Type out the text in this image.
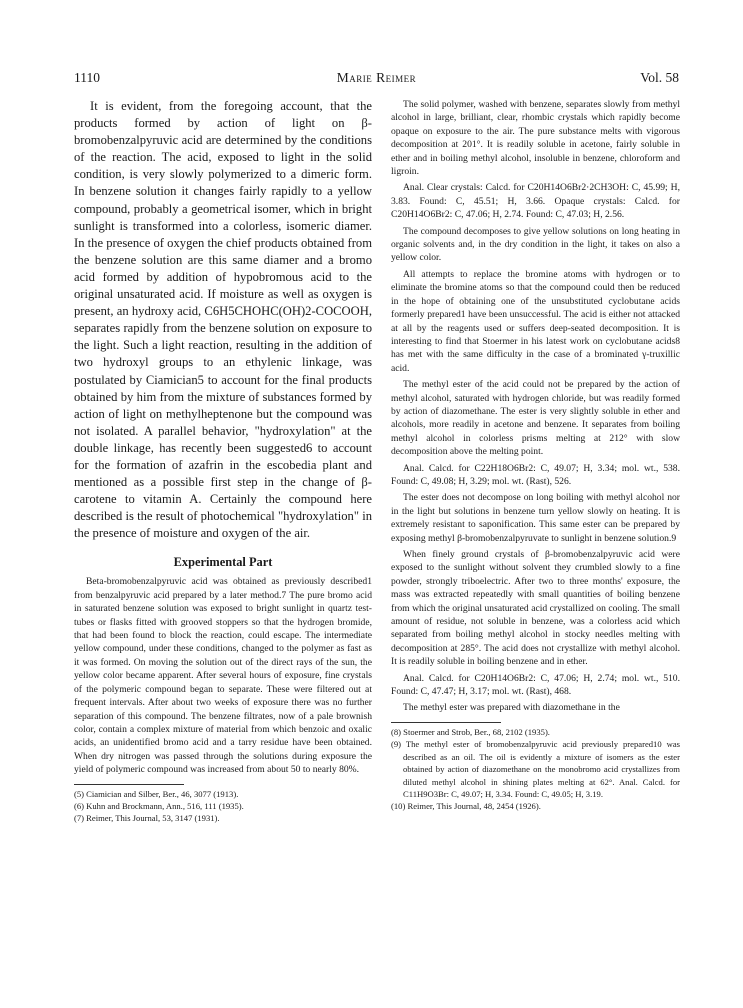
1110	Marie Reimer	Vol. 58

It is evident, from the foregoing account, that the products formed by action of light on β-bromobenzalpyruvic acid are determined by the conditions of the reaction. The acid, exposed to light in the solid condition, is very slowly polymerized to a dimeric form. In benzene solution it changes fairly rapidly to a yellow compound, probably a geometrical isomer, which in bright sunlight is transformed into a colorless, isomeric diamer. In the presence of oxygen the chief products obtained from the benzene solution are this same diamer and a bromo acid formed by addition of hypobromous acid to the original unsaturated acid. If moisture as well as oxygen is present, an hydroxy acid, C6H5CHOHC(OH)2-COCOOH, separates rapidly from the benzene solution on exposure to the light. Such a light reaction, resulting in the addition of two hydroxyl groups to an ethylenic linkage, was postulated by Ciamician5 to account for the final products obtained by him from the mixture of substances formed by action of light on methylheptenone but the compound was not isolated. A parallel behavior, "hydroxylation" at the double linkage, has recently been suggested6 to account for the formation of azafrin in the escobedia plant and mentioned as a possible first step in the change of β-carotene to vitamin A. Certainly the compound here described is the result of photochemical "hydroxylation" in the presence of moisture and oxygen of the air.

Experimental Part

Beta-bromobenzalpyruvic acid was obtained as previously described1 from benzalpyruvic acid prepared by a later method.7 The pure bromo acid in saturated benzene solution was exposed to bright sunlight in quartz test-tubes or flasks fitted with grooved stoppers so that the hydrogen bromide, that had been found to block the reaction, could escape. The intermediate yellow compound, under these conditions, changed to the polymer as fast as it was formed. On moving the solution out of the direct rays of the sun, the yellow color became apparent. After several hours of exposure, fine crystals of the polymeric compound began to separate. These were filtered out at frequent intervals. After about two weeks of exposure there was no further separation of this compound. The benzene filtrates, now of a pale brownish color, contain a complex mixture of material from which benzoic and oxalic acids, an unidentified bromo acid and a tarry residue have been obtained. When dry nitrogen was passed through the solutions during exposure the yield of polymeric compound was increased from about 50 to nearly 80%.

(5) Ciamician and Silber, Ber., 46, 3077 (1913).
(6) Kuhn and Brockmann, Ann., 516, 111 (1935).
(7) Reimer, This Journal, 53, 3147 (1931).

The solid polymer, washed with benzene, separates slowly from methyl alcohol in large, brilliant, clear, rhombic crystals which rapidly become opaque on exposure to the air. The pure substance melts with vigorous decomposition at 201°. It is readily soluble in acetone, fairly soluble in ether and in boiling methyl alcohol, insoluble in benzene, chloroform and ligroin.

Anal. Clear crystals: Calcd. for C20H14O6Br2·2CH3OH: C, 45.99; H, 3.83. Found: C, 45.51; H, 3.66. Opaque crystals: Calcd. for C20H14O6Br2: C, 47.06; H, 2.74. Found: C, 47.03; H, 2.56.

The compound decomposes to give yellow solutions on long heating in organic solvents and, in the dry condition in the light, it takes on also a yellow color.

All attempts to replace the bromine atoms with hydrogen or to eliminate the bromine atoms so that the compound could then be reduced in the hope of obtaining one of the unsubstituted cyclobutane acids formerly prepared1 have been unsuccessful. The acid is either not attacked at all by the reagents used or suffers deep-seated decomposition. It is interesting to find that Stoermer in his latest work on cyclobutane acids8 has met with the same difficulty in the case of a brominated γ-truxillic acid.

The methyl ester of the acid could not be prepared by the action of methyl alcohol, saturated with hydrogen chloride, but was readily formed by action of diazomethane. The ester is very slightly soluble in ether and alcohols, more readily in acetone and benzene. It separates from boiling methyl alcohol in colorless prisms melting at 212° with slow decomposition above the melting point.

Anal. Calcd. for C22H18O6Br2: C, 49.07; H, 3.34; mol. wt., 538. Found: C, 49.08; H, 3.29; mol. wt. (Rast), 526.

The ester does not decompose on long boiling with methyl alcohol nor in the light but solutions in benzene turn yellow slowly on heating. It is extremely resistant to saponification. This same ester can be prepared by exposing methyl β-bromobenzalpyruvate to sunlight in benzene solution.9

When finely ground crystals of β-bromobenzalpyruvic acid were exposed to the sunlight without solvent they crumbled slowly to a fine powder, strongly triboelectric. After two to three months' exposure, the mass was extracted repeatedly with small quantities of boiling benzene from which the original unsaturated acid crystallized on cooling. The small amount of residue, not soluble in benzene, was a colorless acid which separated from boiling methyl alcohol in stocky needles melting with decomposition at 285°. The acid does not crystallize with methyl alcohol. It is readily soluble in boiling benzene and in ether.

Anal. Calcd. for C20H14O6Br2: C, 47.06; H, 2.74; mol. wt., 510. Found: C, 47.47; H, 3.17; mol. wt. (Rast), 468.

The methyl ester was prepared with diazomethane in the

(8) Stoermer and Strob, Ber., 68, 2102 (1935).
(9) The methyl ester of bromobenzalpyruvic acid previously prepared10 was described as an oil. The oil is evidently a mixture of isomers as the ester obtained by action of diazomethane on the monobromo acid crystallizes from diluted methyl alcohol in shining plates melting at 62°. Anal. Calcd. for C11H9O3Br: C, 49.07; H, 3.34. Found: C, 49.05; H, 3.19.
(10) Reimer, This Journal, 48, 2454 (1926).
